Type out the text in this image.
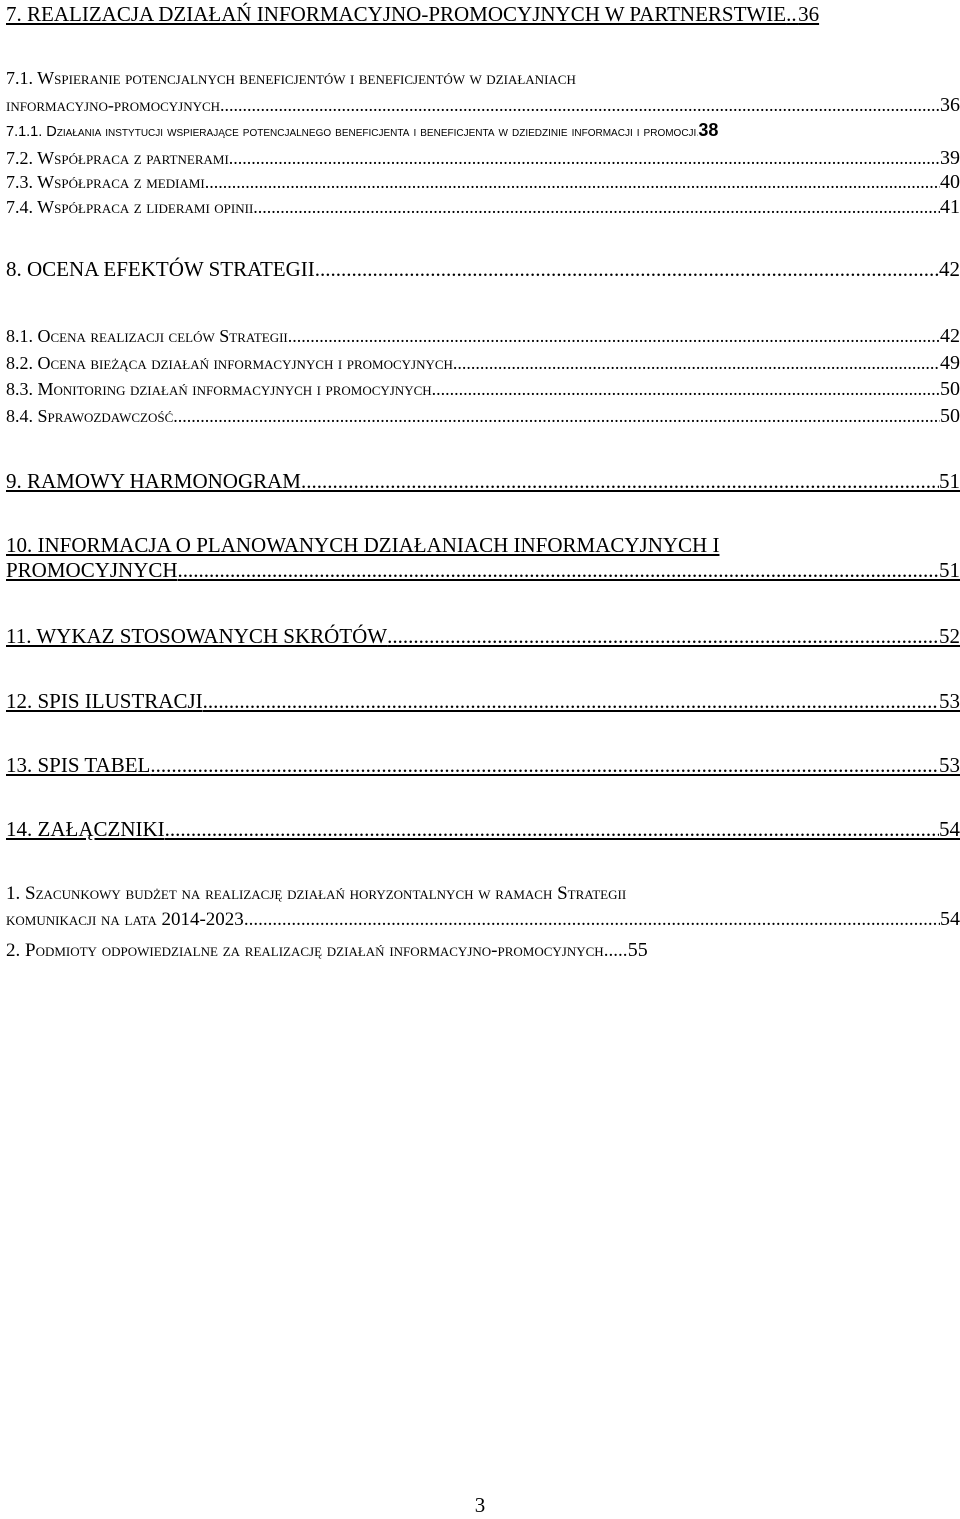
7. REALIZACJA DZIAŁAŃ INFORMACYJNO-PROMOCYJNYCH W PARTNERSTWIE ..... 36
7.1. Wspieranie potencjalnych beneficjentów i beneficjentów w działaniach
informacyjno-promocyjnych .....	36
7.1.1. Działania instytucji wspierające potencjalnego beneficjenta i beneficjenta w dziedzinie informacji i promocji ..... 38
7.2. Współpraca z partnerami .....	39
7.3. Współpraca z mediami .....	40
7.4. Współpraca z liderami opinii .....	41
8. OCENA EFEKTÓW STRATEGII .....	42
8.1. Ocena realizacji celów Strategii .....	42
8.2. Ocena bieżąca działań informacyjnych i promocyjnych .....	49
8.3. Monitoring działań informacyjnych i promocyjnych .....	50
8.4. Sprawozdawczość .....	50
9. RAMOWY HARMONOGRAM .....	51
10. INFORMACJA O PLANOWANYCH DZIAŁANIACH INFORMACYJNYCH I
PROMOCYJNYCH .....	51
11. WYKAZ STOSOWANYCH SKRÓTÓW .....	52
12. SPIS ILUSTRACJI .....	53
13. SPIS TABEL .....	53
14. ZAŁĄCZNIKI .....	54
1. Szacunkowy budżet na realizację działań horyzontalnych w ramach Strategii
komunikacji na lata 2014-2023 .....	54
2. Podmioty odpowiedzialne za realizację działań informacyjno-promocyjnych ..... 55
3
